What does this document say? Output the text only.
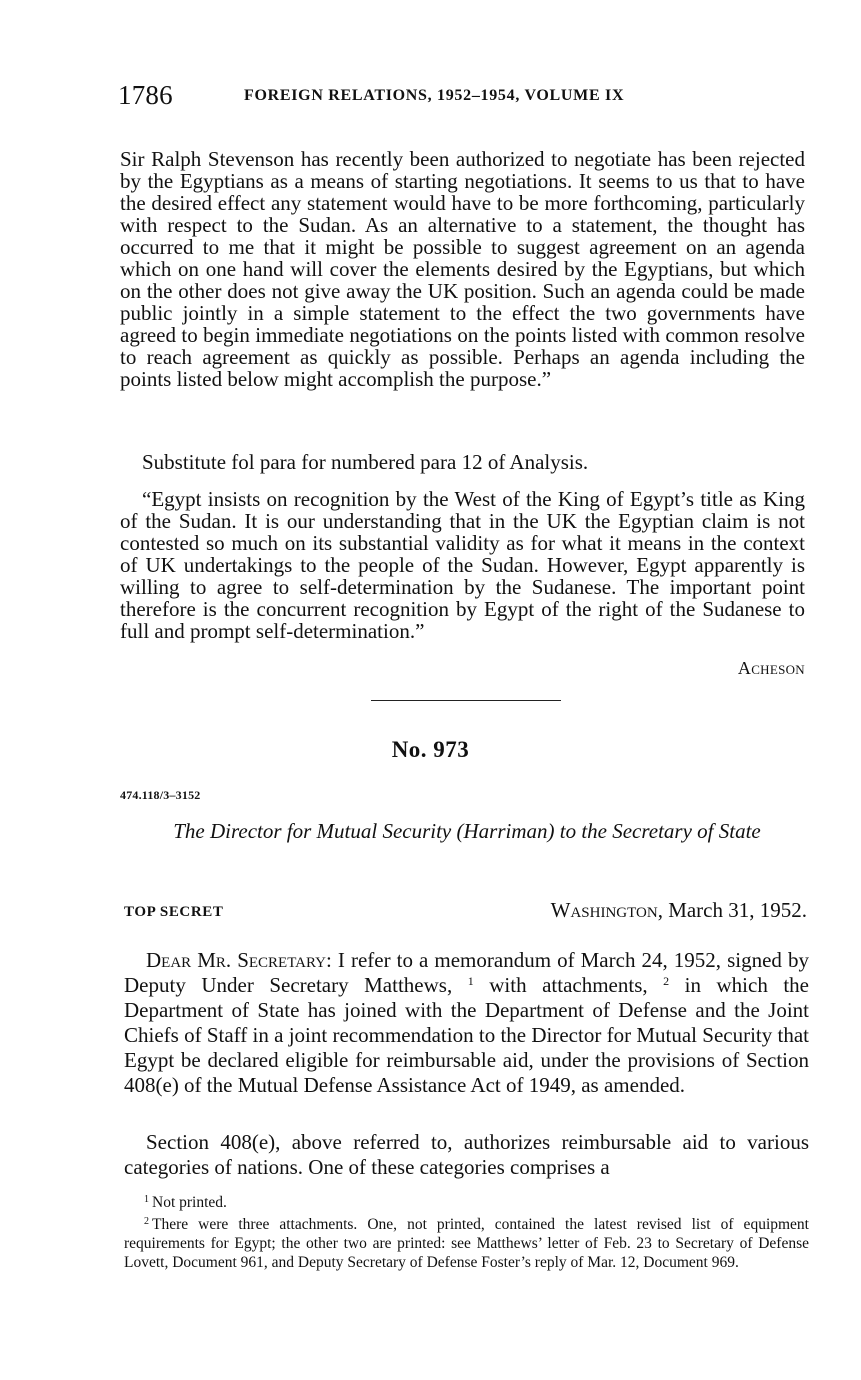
1786	FOREIGN RELATIONS, 1952–1954, VOLUME IX

Sir Ralph Stevenson has recently been authorized to negotiate has been rejected by the Egyptians as a means of starting negotiations. It seems to us that to have the desired effect any statement would have to be more forthcoming, particularly with respect to the Sudan. As an alternative to a statement, the thought has occurred to me that it might be possible to suggest agreement on an agenda which on one hand will cover the elements desired by the Egyptians, but which on the other does not give away the UK position. Such an agenda could be made public jointly in a simple statement to the effect the two governments have agreed to begin immediate negotiations on the points listed with common resolve to reach agreement as quickly as possible. Perhaps an agenda including the points listed below might accomplish the purpose.”

Substitute fol para for numbered para 12 of Analysis.

“Egypt insists on recognition by the West of the King of Egypt’s title as King of the Sudan. It is our understanding that in the UK the Egyptian claim is not contested so much on its substantial validity as for what it means in the context of UK undertakings to the people of the Sudan. However, Egypt apparently is willing to agree to self-determination by the Sudanese. The important point therefore is the concurrent recognition by Egypt of the right of the Sudanese to full and prompt self-determination.”

Acheson
No. 973
474.118/3–3152
The Director for Mutual Security (Harriman) to the Secretary of State
TOP SECRET	Washington, March 31, 1952.

Dear Mr. Secretary: I refer to a memorandum of March 24, 1952, signed by Deputy Under Secretary Matthews, $^1$ with attachments, $^2$ in which the Department of State has joined with the Department of Defense and the Joint Chiefs of Staff in a joint recommendation to the Director for Mutual Security that Egypt be declared eligible for reimbursable aid, under the provisions of Section 408(e) of the Mutual Defense Assistance Act of 1949, as amended.

Section 408(e), above referred to, authorizes reimbursable aid to various categories of nations. One of these categories comprises a

$^1$ Not printed.

$^2$ There were three attachments. One, not printed, contained the latest revised list of equipment requirements for Egypt; the other two are printed: see Matthews’ letter of Feb. 23 to Secretary of Defense Lovett, Document 961, and Deputy Secretary of Defense Foster’s reply of Mar. 12, Document 969.
